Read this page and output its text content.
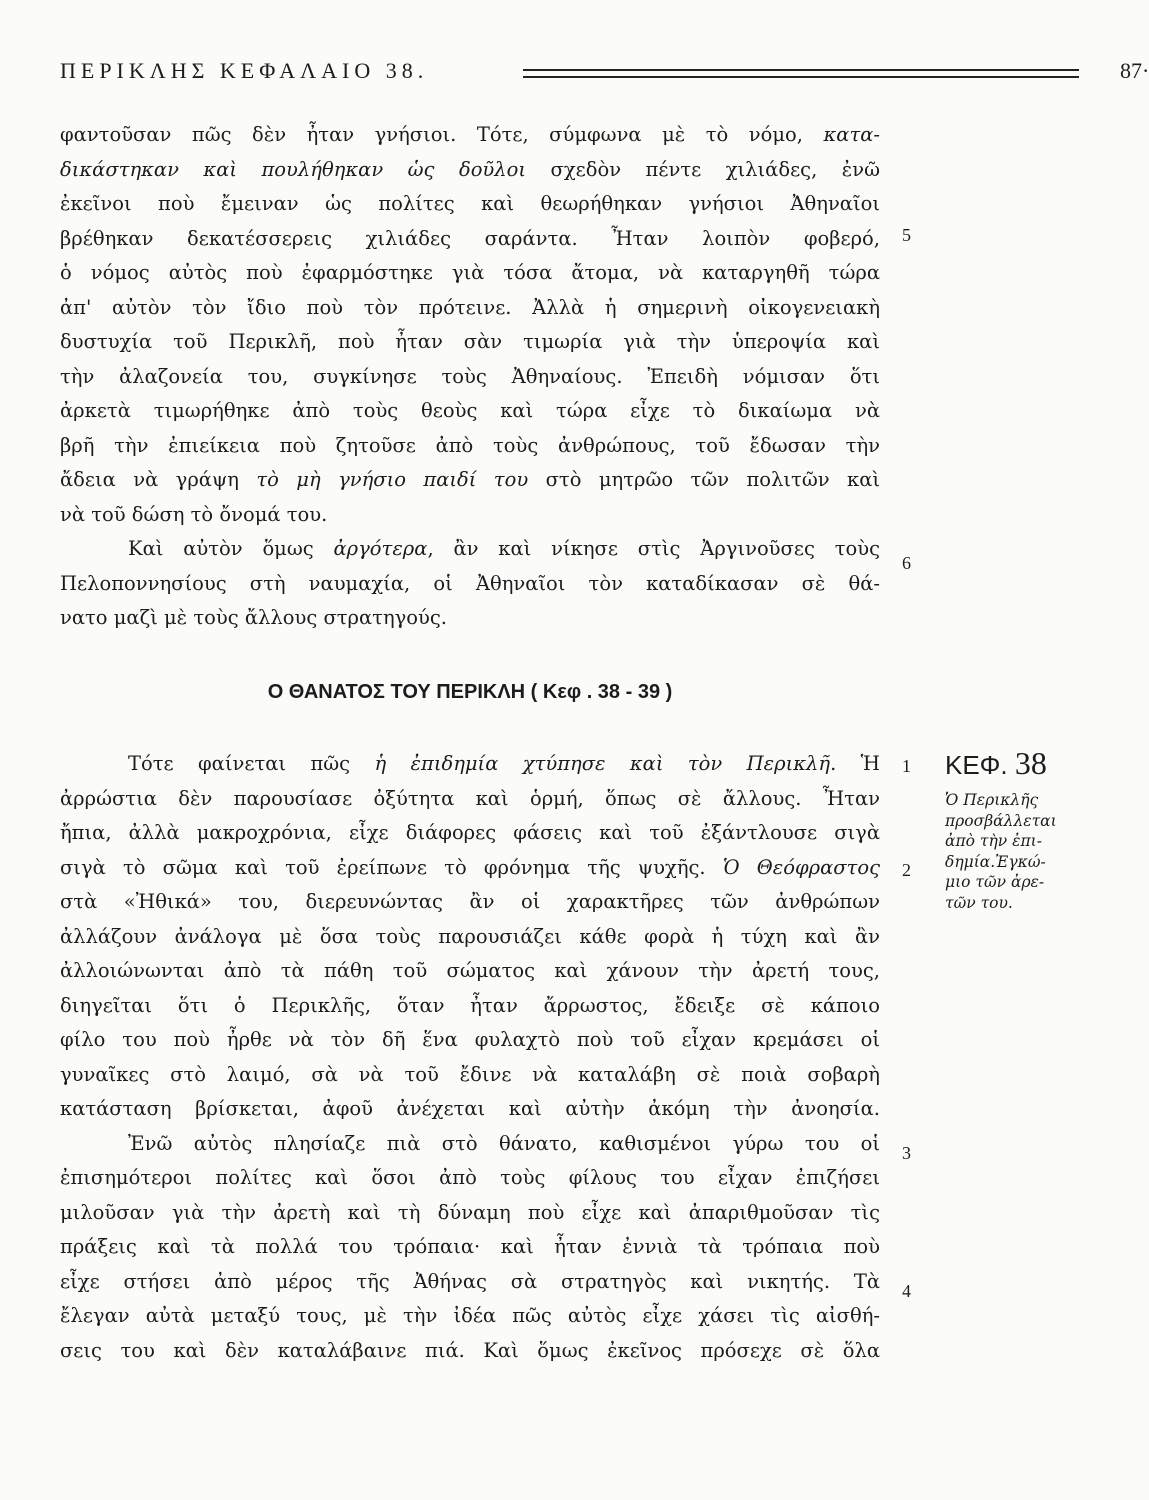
ΠΕΡΙΚΛΗΣ ΚΕΦΑΛΑΙΟ 38.	87·
φαντοῦσαν πῶς δὲν ἦταν γνήσιοι. Τότε, σύμφωνα μὲ τὸ νόμο, κατα-
δικάστηκαν καὶ πουλήθηκαν ὡς δοῦλοι σχεδὸν πέντε χιλιάδες, ἐνῶ
ἐκεῖνοι ποὺ ἔμειναν ὡς πολίτες καὶ θεωρήθηκαν γνήσιοι Ἀθηναῖοι
βρέθηκαν δεκατέσσερεις χιλιάδες σαράντα. Ἦταν λοιπὸν φοβερό,
ὁ νόμος αὐτὸς ποὺ ἐφαρμόστηκε γιὰ τόσα ἄτομα, νὰ καταργηθῆ τώρα
ἀπ' αὐτὸν τὸν ἴδιο ποὺ τὸν πρότεινε. Ἀλλὰ ἡ σημερινὴ οἰκογενειακὴ
δυστυχία τοῦ Περικλῆ, ποὺ ἦταν σὰν τιμωρία γιὰ τὴν ὑπεροψία καὶ
τὴν ἀλαζονεία του, συγκίνησε τοὺς Ἀθηναίους. Ἐπειδὴ νόμισαν ὅτι
ἀρκετὰ τιμωρήθηκε ἀπὸ τοὺς θεοὺς καὶ τώρα εἶχε τὸ δικαίωμα νὰ
βρῆ τὴν ἐπιείκεια ποὺ ζητοῦσε ἀπὸ τοὺς ἀνθρώπους, τοῦ ἔδωσαν τὴν
ἄδεια νὰ γράψη τὸ μὴ γνήσιο παιδί του στὸ μητρῶο τῶν πολιτῶν καὶ
νὰ τοῦ δώση τὸ ὄνομά του.
Καὶ αὐτὸν ὅμως ἀργότερα, ἂν καὶ νίκησε στὶς Ἀργινοῦσες τοὺς
Πελοποννησίους στὴ ναυμαχία, οἱ Ἀθηναῖοι τὸν καταδίκασαν σὲ θά-
νατο μαζὶ μὲ τοὺς ἄλλους στρατηγούς.
5
6
Ο ΘΑΝΑΤΟΣ ΤΟΥ ΠΕΡΙΚΛΗ ( Κεφ . 38 - 39 )
Τότε φαίνεται πῶς ἡ ἐπιδημία χτύπησε καὶ τὸν Περικλῆ. Ἡ
ἀρρώστια δὲν παρουσίασε ὀξύτητα καὶ ὁρμή, ὅπως σὲ ἄλλους. Ἦταν
ἤπια, ἀλλὰ μακροχρόνια, εἶχε διάφορες φάσεις καὶ τοῦ ἐξάντλουσε σιγὰ
σιγὰ τὸ σῶμα καὶ τοῦ ἐρείπωνε τὸ φρόνημα τῆς ψυχῆς. Ὁ Θεόφραστος
στὰ «Ἠθικά» του, διερευνώντας ἂν οἱ χαρακτῆρες τῶν ἀνθρώπων
ἀλλάζουν ἀνάλογα μὲ ὅσα τοὺς παρουσιάζει κάθε φορὰ ἡ τύχη καὶ ἂν
ἀλλοιώνωνται ἀπὸ τὰ πάθη τοῦ σώματος καὶ χάνουν τὴν ἀρετή τους,
διηγεῖται ὅτι ὁ Περικλῆς, ὅταν ἦταν ἄρρωστος, ἔδειξε σὲ κάποιο
φίλο του ποὺ ἦρθε νὰ τὸν δῆ ἕνα φυλαχτὸ ποὺ τοῦ εἶχαν κρεμάσει οἱ
γυναῖκες στὸ λαιμό, σὰ νὰ τοῦ ἔδινε νὰ καταλάβη σὲ ποιὰ σοβαρὴ
κατάσταση βρίσκεται, ἀφοῦ ἀνέχεται καὶ αὐτὴν ἀκόμη τὴν ἀνοησία.
Ἐνῶ αὐτὸς πλησίαζε πιὰ στὸ θάνατο, καθισμένοι γύρω του οἱ
ἐπισημότεροι πολίτες καὶ ὅσοι ἀπὸ τοὺς φίλους του εἶχαν ἐπιζήσει
μιλοῦσαν γιὰ τὴν ἀρετὴ καὶ τὴ δύναμη ποὺ εἶχε καὶ ἀπαριθμοῦσαν τὶς
πράξεις καὶ τὰ πολλά του τρόπαια· καὶ ἦταν ἐννιὰ τὰ τρόπαια ποὺ
εἶχε στήσει ἀπὸ μέρος τῆς Ἀθήνας σὰ στρατηγὸς καὶ νικητής. Τὰ
ἔλεγαν αὐτὰ μεταξύ τους, μὲ τὴν ἰδέα πῶς αὐτὸς εἶχε χάσει τὶς αἰσθή-
σεις του καὶ δὲν καταλάβαινε πιά. Καὶ ὅμως ἐκεῖνος πρόσεχε σὲ ὅλα
1
2
3
4
ΚΕΦ. 38
Ὁ Περικλῆς
προσβάλλεται
ἀπὸ τὴν ἐπι-
δημία.Ἐγκώ-
μιο τῶν ἀρε-
τῶν του.
